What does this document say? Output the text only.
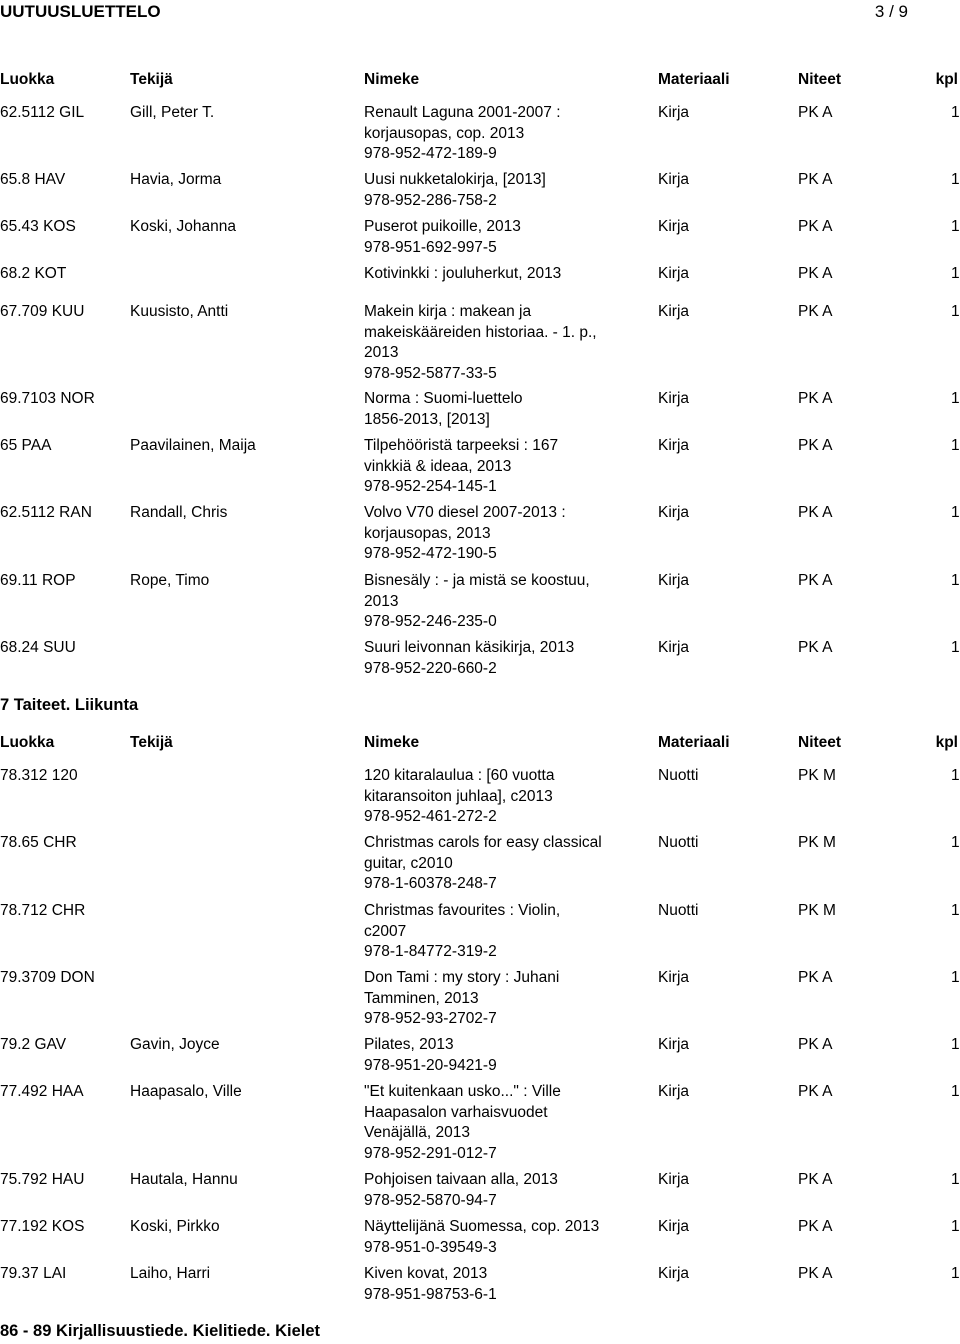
UUTUUSLUETTELO	3 / 9
Luokka	Tekijä	Nimeke	Materiaali	Niteet	kpl
62.5112 GIL	Gill, Peter T.	Renault Laguna 2001-2007 :
korjausopas, cop. 2013
978-952-472-189-9
Kirja	PK A	1
65.8 HAV	Havia, Jorma	Uusi nukketalokirja, [2013]
978-952-286-758-2
Kirja	PK A	1
65.43 KOS	Koski, Johanna	Puserot puikoille, 2013
978-951-692-997-5
Kirja	PK A	1
68.2 KOT	Kotivinkki : jouluherkut, 2013	Kirja	PK A	1
67.709 KUU	Kuusisto, Antti	Makein kirja : makean ja
makeiskääreiden historiaa. - 1. p.,
2013
978-952-5877-33-5
Kirja	PK A	1
69.7103 NOR	Norma : Suomi-luettelo
1856-2013, [2013]
Kirja	PK A	1
65 PAA	Paavilainen, Maija	Tilpehööristä tarpeeksi : 167
vinkkiä & ideaa, 2013
978-952-254-145-1
Kirja	PK A	1
62.5112 RAN Randall, Chris	Volvo V70 diesel 2007-2013 :
korjausopas, 2013
978-952-472-190-5
Kirja	PK A	1
69.11 ROP	Rope, Timo	Bisnesäly : - ja mistä se koostuu,
2013
978-952-246-235-0
Kirja	PK A	1
68.24 SUU	Suuri leivonnan käsikirja, 2013
978-952-220-660-2
Kirja	PK A	1
7 Taiteet. Liikunta
Luokka	Tekijä	Nimeke	Materiaali	Niteet	kpl
78.312 120	120 kitaralaulua : [60 vuotta
kitaransoiton juhlaa], c2013
978-952-461-272-2
Nuotti	PK M	1
78.65 CHR	Christmas carols for easy classical
guitar, c2010
978-1-60378-248-7
Nuotti	PK M	1
78.712 CHR	Christmas favourites : Violin,
c2007
978-1-84772-319-2
Nuotti	PK M	1
79.3709 DON	Don Tami : my story : Juhani
Tamminen, 2013
978-952-93-2702-7
Kirja	PK A	1
79.2 GAV	Gavin, Joyce	Pilates, 2013
978-951-20-9421-9
Kirja	PK A	1
77.492 HAA	Haapasalo, Ville	"Et kuitenkaan usko..." : Ville
Haapasalon varhaisvuodet
Venäjällä, 2013
978-952-291-012-7
Kirja	PK A	1
75.792 HAU	Hautala, Hannu	Pohjoisen taivaan alla, 2013
978-952-5870-94-7
Kirja	PK A	1
77.192 KOS	Koski, Pirkko	Näyttelijänä Suomessa, cop. 2013
978-951-0-39549-3
Kirja	PK A	1
79.37 LAI	Laiho, Harri	Kiven kovat, 2013
978-951-98753-6-1
Kirja	PK A	1
86 - 89 Kirjallisuustiede. Kielitiede. Kielet
